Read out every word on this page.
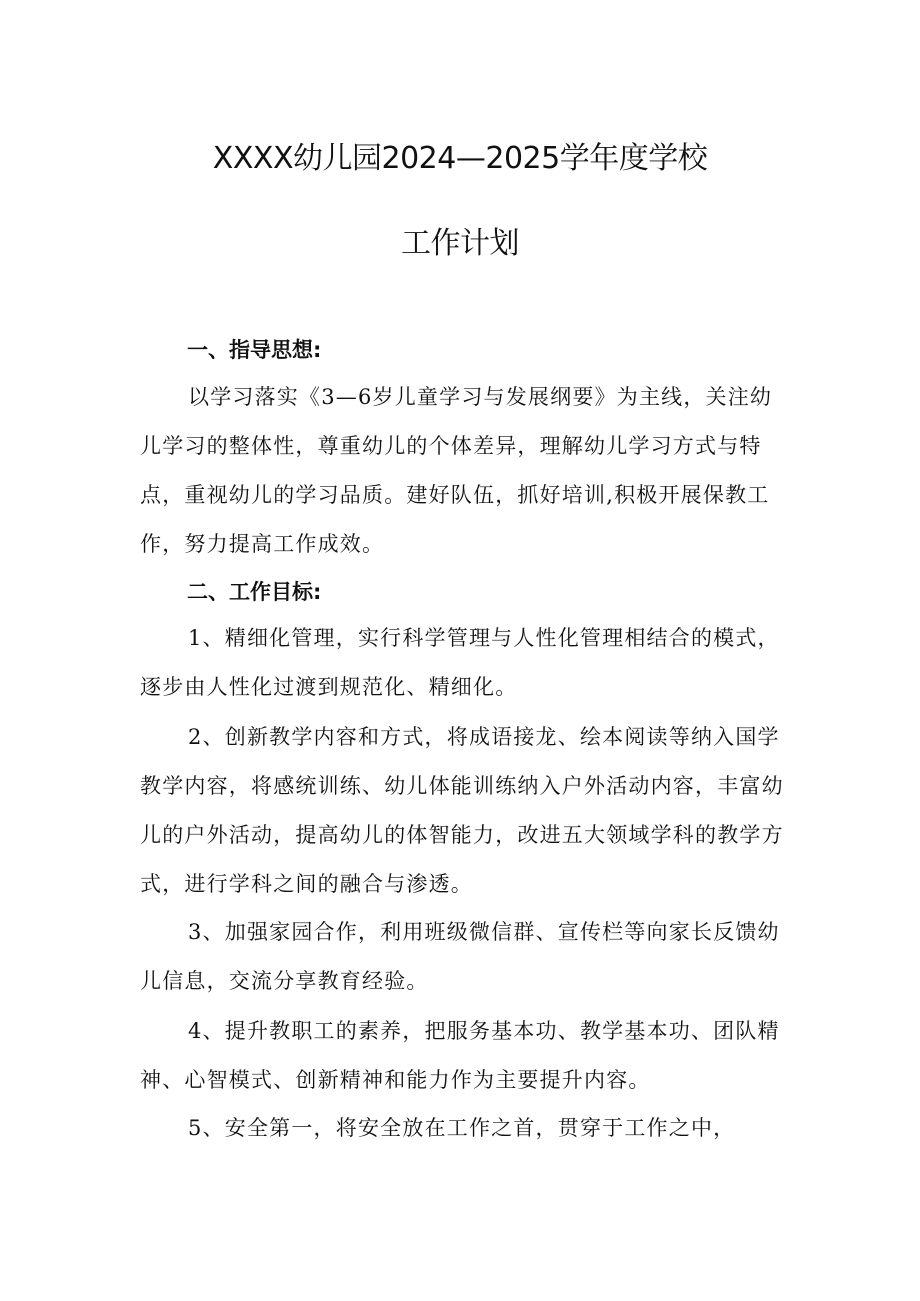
XXXX幼儿园2024—2025学年度学校
工作计划
一、指导思想:

以学习落实《3—6岁儿童学习与发展纲要》为主线，关注幼儿学习的整体性，尊重幼儿的个体差异，理解幼儿学习方式与特点，重视幼儿的学习品质。建好队伍，抓好培训,积极开展保教工作，努力提高工作成效。

二、工作目标:

1、精细化管理，实行科学管理与人性化管理相结合的模式，逐步由人性化过渡到规范化、精细化。

2、创新教学内容和方式，将成语接龙、绘本阅读等纳入国学教学内容，将感统训练、幼儿体能训练纳入户外活动内容，丰富幼儿的户外活动，提高幼儿的体智能力，改进五大领域学科的教学方式，进行学科之间的融合与渗透。

3、加强家园合作，利用班级微信群、宣传栏等向家长反馈幼儿信息，交流分享教育经验。

4、提升教职工的素养，把服务基本功、教学基本功、团队精神、心智模式、创新精神和能力作为主要提升内容。

5、安全第一，将安全放在工作之首，贯穿于工作之中，
